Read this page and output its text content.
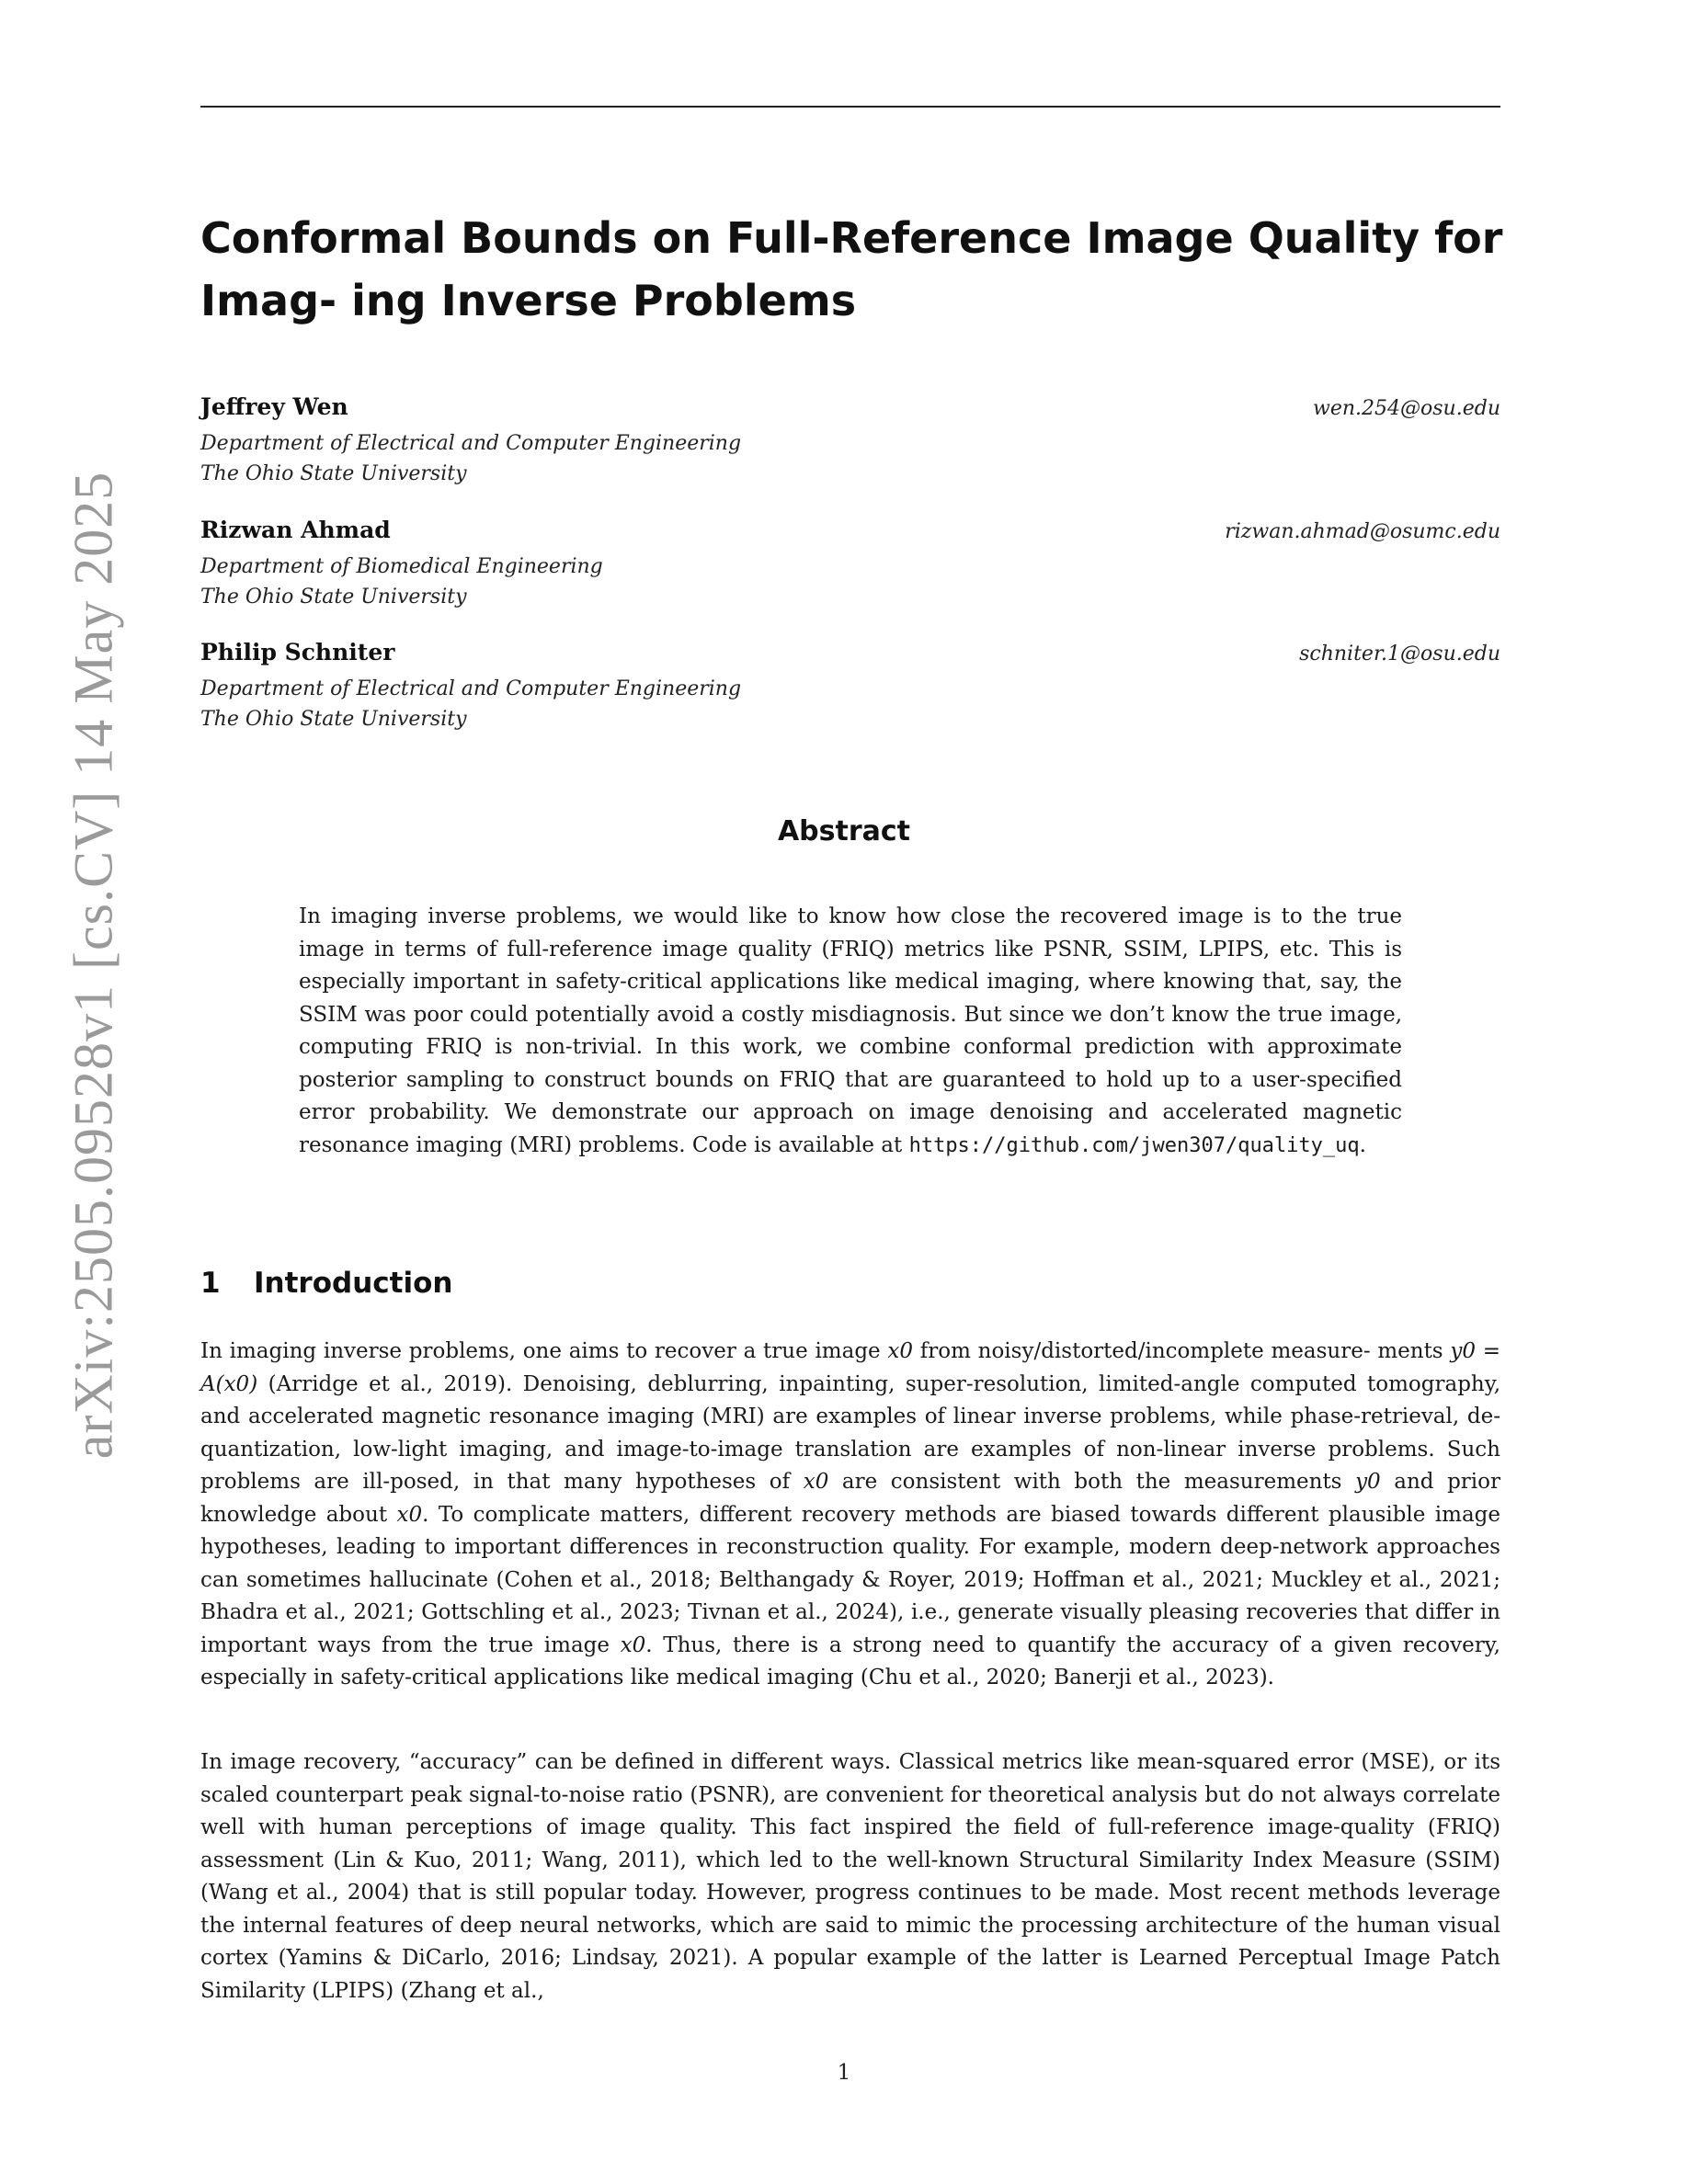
arXiv:2505.09528v1 [cs.CV] 14 May 2025
Conformal Bounds on Full-Reference Image Quality for Imag- ing Inverse Problems
Jeffrey Wen	wen.254@osu.edu
Department of Electrical and Computer Engineering
The Ohio State University
Rizwan Ahmad	rizwan.ahmad@osumc.edu
Department of Biomedical Engineering
The Ohio State University
Philip Schniter	schniter.1@osu.edu
Department of Electrical and Computer Engineering
The Ohio State University
Abstract

In imaging inverse problems, we would like to know how close the recovered image is to the true image in terms of full-reference image quality (FRIQ) metrics like PSNR, SSIM, LPIPS, etc. This is especially important in safety-critical applications like medical imaging, where knowing that, say, the SSIM was poor could potentially avoid a costly misdiagnosis. But since we don’t know the true image, computing FRIQ is non-trivial. In this work, we combine conformal prediction with approximate posterior sampling to construct bounds on FRIQ that are guaranteed to hold up to a user-specified error probability. We demonstrate our approach on image denoising and accelerated magnetic resonance imaging (MRI) problems. Code is available at https://github.com/jwen307/quality_uq.

1 Introduction

In imaging inverse problems, one aims to recover a true image x0 from noisy/distorted/incomplete measure- ments y0 = A(x0) (Arridge et al., 2019). Denoising, deblurring, inpainting, super-resolution, limited-angle computed tomography, and accelerated magnetic resonance imaging (MRI) are examples of linear inverse problems, while phase-retrieval, de-quantization, low-light imaging, and image-to-image translation are examples of non-linear inverse problems. Such problems are ill-posed, in that many hypotheses of x0 are consistent with both the measurements y0 and prior knowledge about x0. To complicate matters, different recovery methods are biased towards different plausible image hypotheses, leading to important differences in reconstruction quality. For example, modern deep-network approaches can sometimes hallucinate (Cohen et al., 2018; Belthangady & Royer, 2019; Hoffman et al., 2021; Muckley et al., 2021; Bhadra et al., 2021; Gottschling et al., 2023; Tivnan et al., 2024), i.e., generate visually pleasing recoveries that differ in important ways from the true image x0. Thus, there is a strong need to quantify the accuracy of a given recovery, especially in safety-critical applications like medical imaging (Chu et al., 2020; Banerji et al., 2023).

In image recovery, “accuracy” can be defined in different ways. Classical metrics like mean-squared error (MSE), or its scaled counterpart peak signal-to-noise ratio (PSNR), are convenient for theoretical analysis but do not always correlate well with human perceptions of image quality. This fact inspired the field of full-reference image-quality (FRIQ) assessment (Lin & Kuo, 2011; Wang, 2011), which led to the well-known Structural Similarity Index Measure (SSIM) (Wang et al., 2004) that is still popular today. However, progress continues to be made. Most recent methods leverage the internal features of deep neural networks, which are said to mimic the processing architecture of the human visual cortex (Yamins & DiCarlo, 2016; Lindsay, 2021). A popular example of the latter is Learned Perceptual Image Patch Similarity (LPIPS) (Zhang et al.,

1
